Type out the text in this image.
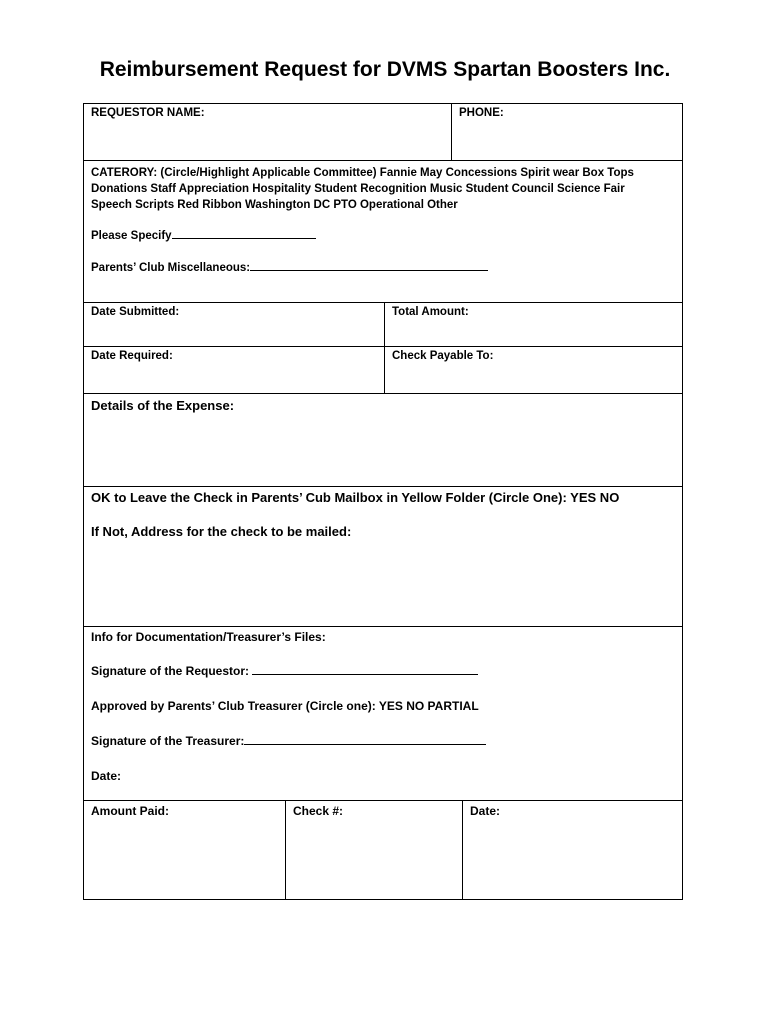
Reimbursement Request for DVMS Spartan Boosters Inc.
REQUESTOR NAME:	PHONE:
CATERORY: (Circle/Highlight Applicable Committee) Fannie May Concessions Spirit wear Box Tops
Donations Staff Appreciation Hospitality Student Recognition Music Student Council Science Fair
Speech Scripts Red Ribbon Washington DC PTO Operational Other
Please Specify
Parents’ Club Miscellaneous:
Date Submitted:	Total Amount:
Date Required:	Check Payable To:
Details of the Expense:
OK to Leave the Check in Parents’ Cub Mailbox in Yellow Folder (Circle One): YES NO
If Not, Address for the check to be mailed:
Info for Documentation/Treasurer’s Files:
Signature of the Requestor:
Approved by Parents’ Club Treasurer (Circle one): YES NO PARTIAL
Signature of the Treasurer:
Date:
Amount Paid:	Check #:	Date:
